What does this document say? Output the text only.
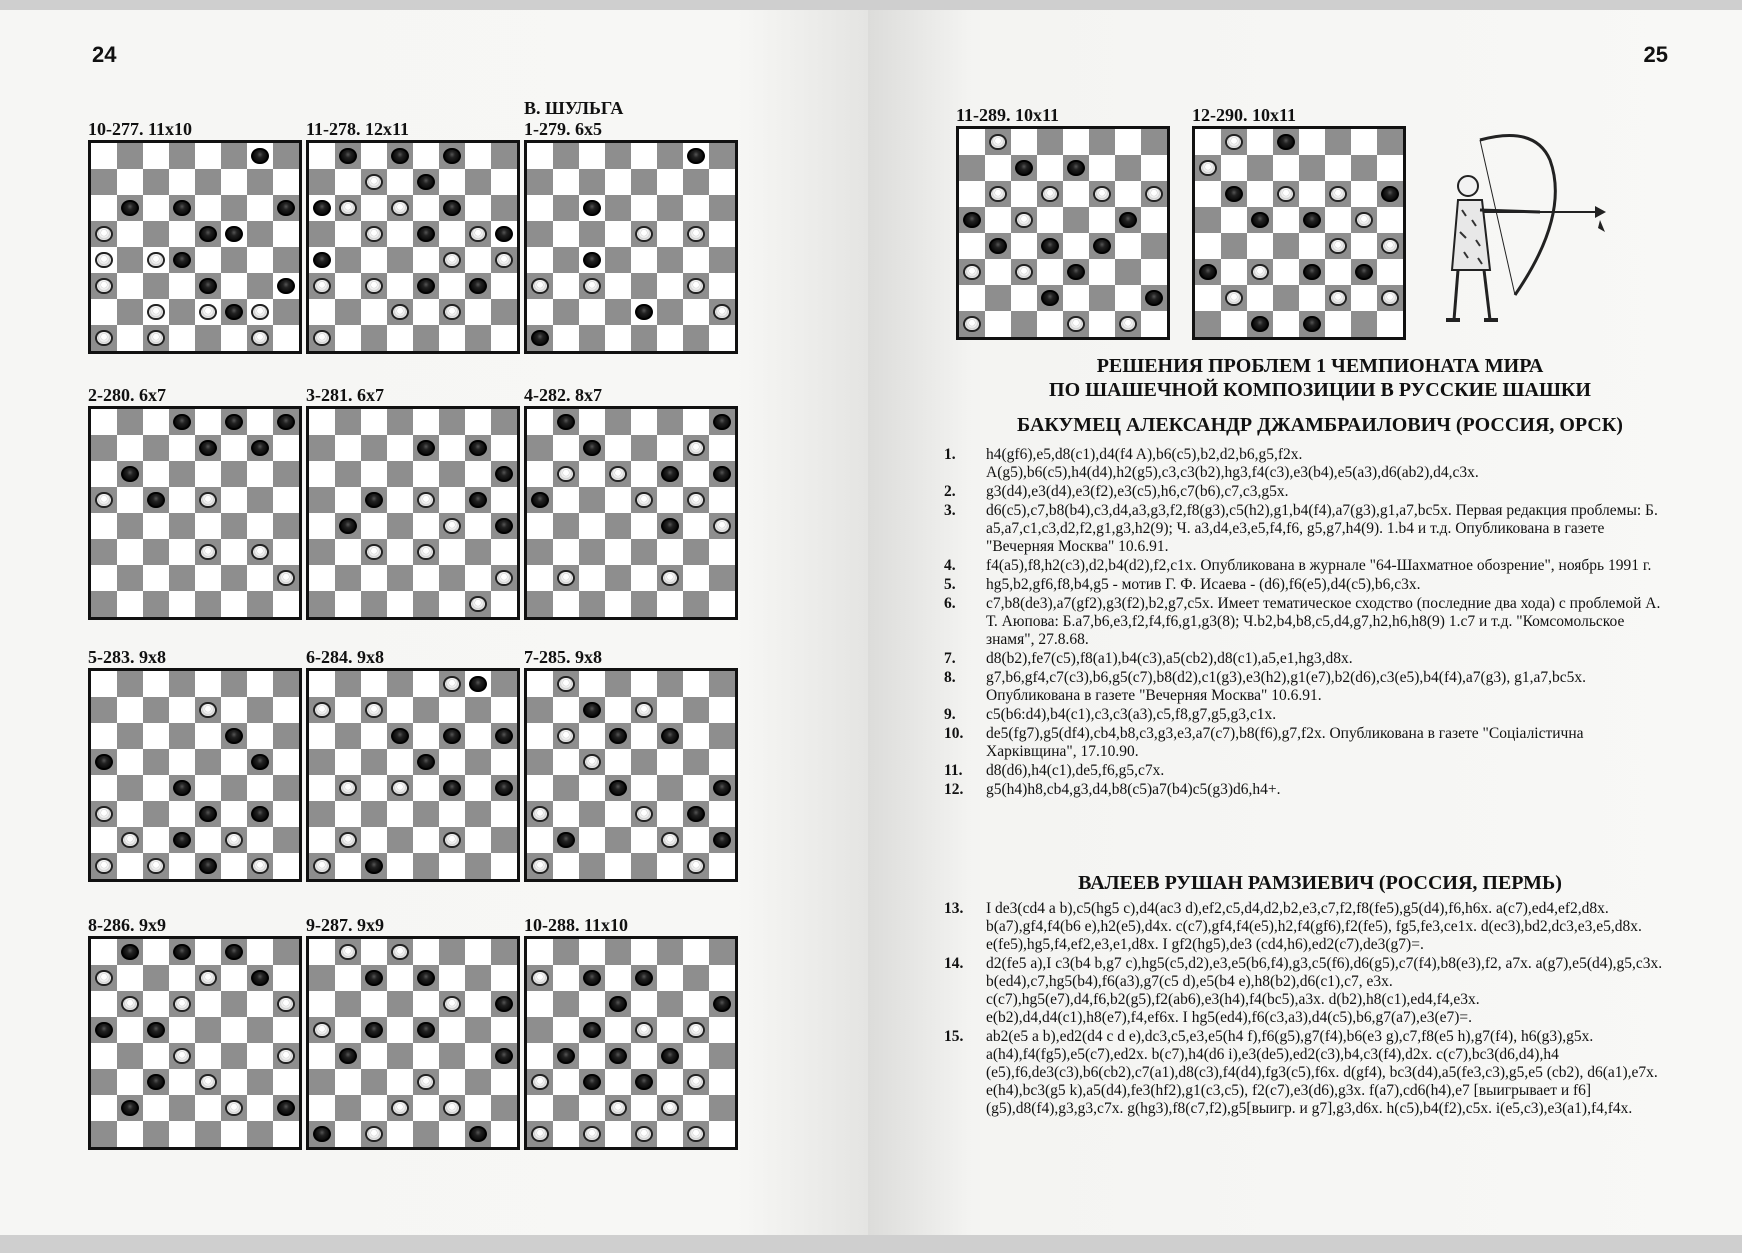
24	25
10-277. 11x10	11-278. 12x11
В. ШУЛЬГА
1-279. 6x5
2-280. 6x7	3-281. 6x7	4-282. 8x7
5-283. 9x8	6-284. 9x8	7-285. 9x8
8-286. 9x9	9-287. 9x9	10-288. 11x10
11-289. 10x11	12-290. 10x11
РЕШЕНИЯ ПРОБЛЕМ 1 ЧЕМПИОНАТА МИРА
ПО ШАШЕЧНОЙ КОМПОЗИЦИИ В РУССКИЕ ШАШКИ
БАКУМЕЦ АЛЕКСАНДР ДЖАМБРАИЛОВИЧ (РОССИЯ, ОРСК)
1. h4(gf6),e5,d8(c1),d4(f4 A),b6(c5),b2,d2,b6,g5,f2x. A(g5),b6(c5),h4(d4),h2(g5),c3,c3(b2),hg3,f4(c3),e3(b4),e5(a3),d6(ab2),d4,c3x.
2. g3(d4),e3(d4),e3(f2),e3(c5),h6,c7(b6),c7,c3,g5x.
3. d6(c5),c7,b8(b4),c3,d4,a3,g3,f2,f8(g3),c5(h2),g1,b4(f4),a7(g3),g1,a7,bc5x. Первая редакция проблемы: Б. a5,a7,c1,c3,d2,f2,g1,g3,h2(9); Ч. a3,d4,e3,e5,f4,f6, g5,g7,h4(9). 1.b4 и т.д. Опубликована в газете "Вечерняя Москва" 10.6.91.
4. f4(a5),f8,h2(c3),d2,b4(d2),f2,c1x. Опубликована в журнале "64-Шахматное обозрение", ноябрь 1991 г.
5. hg5,b2,gf6,f8,b4,g5 - мотив Г. Ф. Исаева - (d6),f6(e5),d4(c5),b6,c3x.
6. c7,b8(de3),a7(gf2),g3(f2),b2,g7,c5x. Имеет тематическое сходство (последние два хода) с проблемой А. Т. Аюпова: Б.a7,b6,e3,f2,f4,f6,g1,g3(8); Ч.b2,b4,b8,c5,d4,g7,h2,h6,h8(9) 1.c7 и т.д. "Комсомольское знамя", 27.8.68.
7. d8(b2),fe7(c5),f8(a1),b4(c3),a5(cb2),d8(c1),a5,e1,hg3,d8x.
8. g7,b6,gf4,c7(c3),b6,g5(c7),b8(d2),c1(g3),e3(h2),g1(e7),b2(d6),c3(e5),b4(f4),a7(g3), g1,a7,bc5x. Опубликована в газете "Вечерняя Москва" 10.6.91.
9. c5(b6:d4),b4(c1),c3,c3(a3),c5,f8,g7,g5,g3,c1x.
10. de5(fg7),g5(df4),cb4,b8,c3,g3,e3,a7(c7),b8(f6),g7,f2x. Опубликована в газете "Соціалістична Харківщина", 17.10.90.
11. d8(d6),h4(c1),de5,f6,g5,c7x.
12. g5(h4)h8,cb4,g3,d4,b8(c5)a7(b4)c5(g3)d6,h4+.
ВАЛЕЕВ РУШАН РАМЗИЕВИЧ (РОССИЯ, ПЕРМЬ)
13. I de3(cd4 a b),c5(hg5 c),d4(ac3 d),ef2,c5,d4,d2,b2,e3,c7,f2,f8(fe5),g5(d4),f6,h6x. a(c7),ed4,ef2,d8x. b(a7),gf4,f4(b6 e),h2(e5),d4x. c(c7),gf4,f4(e5),h2,f4(gf6),f2(fe5), fg5,fe3,ce1x. d(ec3),bd2,dc3,e3,e5,d8x. e(fe5),hg5,f4,ef2,e3,e1,d8x. I gf2(hg5),de3 (cd4,h6),ed2(c7),de3(g7)=.
14. d2(fe5 a),I c3(b4 b,g7 c),hg5(c5,d2),e3,e5(b6,f4),g3,c5(f6),d6(g5),c7(f4),b8(e3),f2, a7x. a(g7),e5(d4),g5,c3x. b(ed4),c7,hg5(b4),f6(a3),g7(c5 d),e5(b4 e),h8(b2),d6(c1),c7, e3x. c(c7),hg5(e7),d4,f6,b2(g5),f2(ab6),e3(h4),f4(bc5),a3x. d(b2),h8(c1),ed4,f4,e3x. e(b2),d4,d4(c1),h8(e7),f4,ef6x. I hg5(ed4),f6(c3,a3),d4(c5),b6,g7(a7),e3(e7)=.
15. ab2(e5 a b),ed2(d4 c d e),dc3,c5,e3,e5(h4 f),f6(g5),g7(f4),b6(e3 g),c7,f8(e5 h),g7(f4), h6(g3),g5x. a(h4),f4(fg5),e5(c7),ed2x. b(c7),h4(d6 i),e3(de5),ed2(c3),b4,c3(f4),d2x. c(c7),bc3(d6,d4),h4 (e5),f6,de3(c3),b6(cb2),c7(a1),d8(c3),f4(d4),fg3(c5),f6x. d(gf4), bc3(d4),a5(fe3,c3),g5,e5 (cb2), d6(a1),e7x. e(h4),bc3(g5 k),a5(d4),fe3(hf2),g1(c3,c5), f2(c7),e3(d6),g3x. f(a7),cd6(h4),e7 [выигрывает и f6](g5),d8(f4),g3,g3,c7x. g(hg3),f8(c7,f2),g5[выигр. и g7],g3,d6x. h(c5),b4(f2),c5x. i(e5,c3),e3(a1),f4,f4x.
